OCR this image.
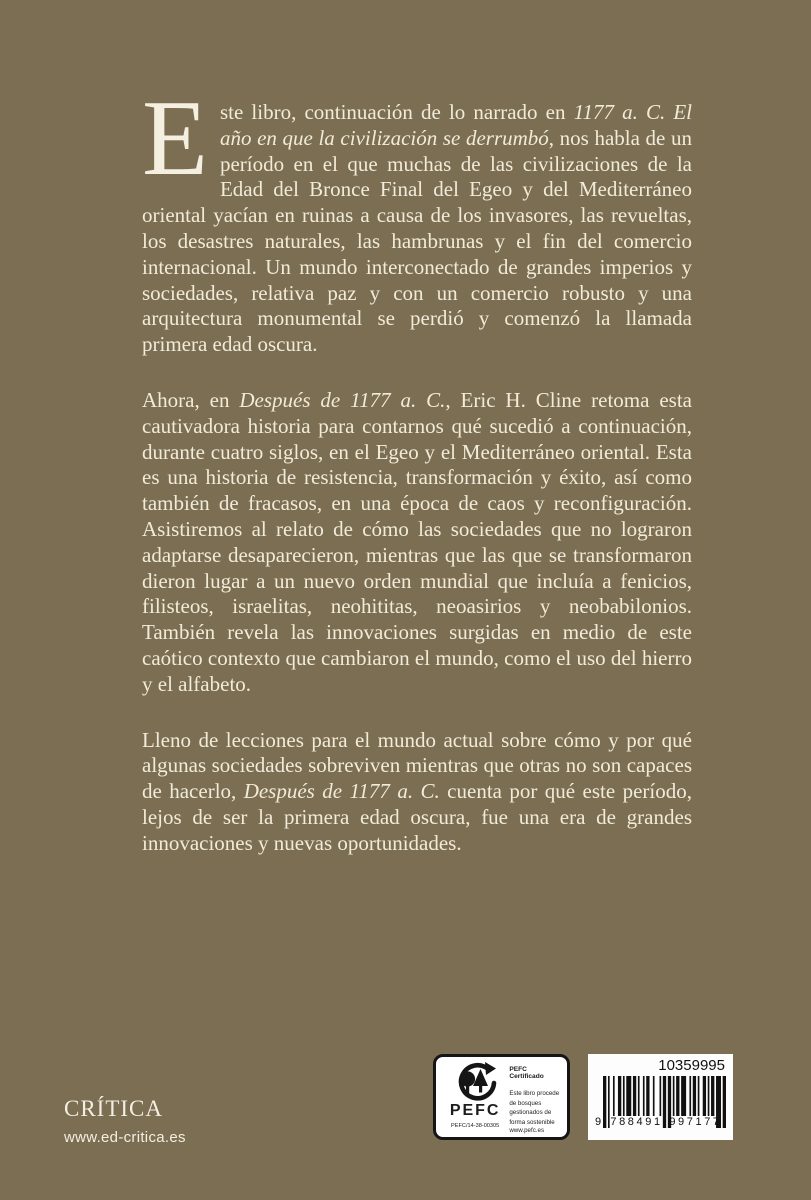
Este libro, continuación de lo narrado en 1177 a. C. El año en que la civilización se derrumbó, nos habla de un período en el que muchas de las civilizaciones de la Edad del Bronce Final del Egeo y del Mediterráneo oriental yacían en ruinas a causa de los invasores, las revueltas, los desastres naturales, las hambrunas y el fin del comercio internacional. Un mundo interconectado de grandes imperios y sociedades, relativa paz y con un comercio robusto y una arquitectura monumental se perdió y comenzó la llamada primera edad oscura.

Ahora, en Después de 1177 a. C., Eric H. Cline retoma esta cautivadora historia para contarnos qué sucedió a continuación, durante cuatro siglos, en el Egeo y el Mediterráneo oriental. Esta es una historia de resistencia, transformación y éxito, así como también de fracasos, en una época de caos y reconfiguración. Asistiremos al relato de cómo las sociedades que no lograron adaptarse desaparecieron, mientras que las que se transformaron dieron lugar a un nuevo orden mundial que incluía a fenicios, filisteos, israelitas, neohititas, neoasirios y neobabilonios. También revela las innovaciones surgidas en medio de este caótico contexto que cambiaron el mundo, como el uso del hierro y el alfabeto.

Lleno de lecciones para el mundo actual sobre cómo y por qué algunas sociedades sobreviven mientras que otras no son capaces de hacerlo, Después de 1177 a. C. cuenta por qué este período, lejos de ser la primera edad oscura, fue una era de grandes innovaciones y nuevas oportunidades.

CRÍTICA
www.ed-critica.es
PEFC
PEFC/14-38-00305
PEFC Certificado
Este libro procede de bosques gestionados de forma sostenible
www.pefc.es
10359995
9 788491 997177
